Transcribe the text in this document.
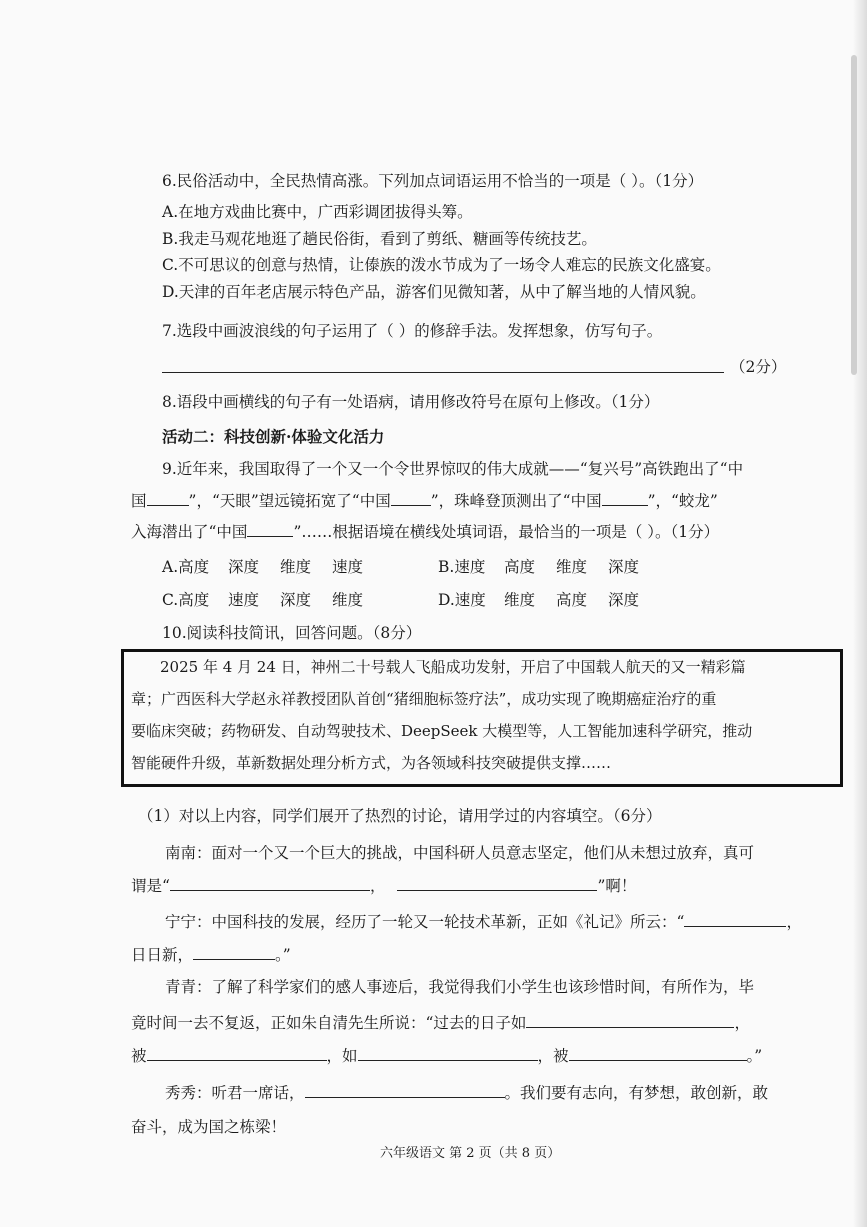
6.民俗活动中，全民热情高涨。下列加点词语运用不恰当的一项是（ ）。（1分）
A.在地方戏曲比赛中，广西彩调团拔得头筹。
B.我走马观花地逛了趟民俗街，看到了剪纸、糖画等传统技艺。
C.不可思议的创意与热情，让傣族的泼水节成为了一场令人难忘的民族文化盛宴。
D.天津的百年老店展示特色产品，游客们见微知著，从中了解当地的人情风貌。
7.选段中画波浪线的句子运用了（ ）的修辞手法。发挥想象，仿写句子。
（2分）
8.语段中画横线的句子有一处语病，请用修改符号在原句上修改。（1分）
活动二：科技创新·体验文化活力
9.近年来，我国取得了一个又一个令世界惊叹的伟大成就——“复兴号”高铁跑出了“中
国	”，“天眼”望远镜拓宽了“中国	”，珠峰登顶测出了“中国	”，“蛟龙”
入海潜出了“中国	”……根据语境在横线处填词语，最恰当的一项是（ ）。（1分）
A.高度 深度 维度 速度	B.速度 高度 维度 深度
C.高度 速度 深度 维度	D.速度 维度 高度 深度
10.阅读科技简讯，回答问题。（8分）
2025 年 4 月 24 日，神州二十号载人飞船成功发射，开启了中国载人航天的又一精彩篇
章；广西医科大学赵永祥教授团队首创“猪细胞标签疗法”，成功实现了晚期癌症治疗的重
要临床突破；药物研发、自动驾驶技术、DeepSeek 大模型等，人工智能加速科学研究，推动
智能硬件升级，革新数据处理分析方式，为各领域科技突破提供支撑……
（1）对以上内容，同学们展开了热烈的讨论，请用学过的内容填空。（6分）
南南：面对一个又一个巨大的挑战，中国科研人员意志坚定，他们从未想过放弃，真可
谓是“	，	”啊！
宁宁：中国科技的发展，经历了一轮又一轮技术革新，正如《礼记》所云：“	，
日日新，	。”
青青：了解了科学家们的感人事迹后，我觉得我们小学生也该珍惜时间，有所作为，毕
竟时间一去不复返，正如朱自清先生所说：“过去的日子如	，
被	，如	，被	。”
秀秀：听君一席话，	。我们要有志向，有梦想，敢创新，敢
奋斗，成为国之栋梁！
六年级语文 第 2 页（共 8 页）
